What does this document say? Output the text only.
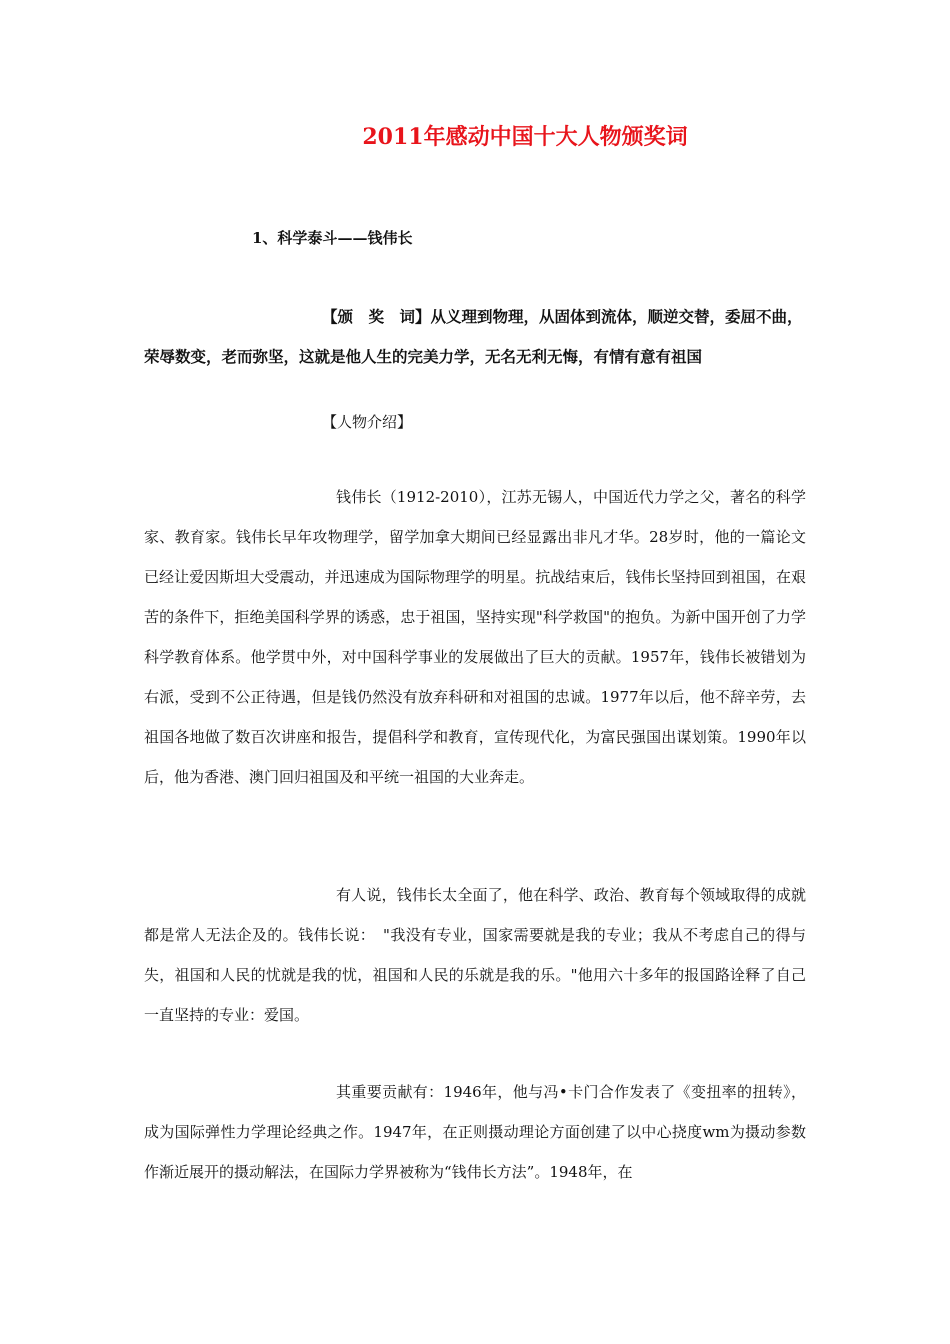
2011年感动中国十大人物颁奖词
1、科学泰斗——钱伟长
【颁　奖　词】从义理到物理，从固体到流体，顺逆交替，委屈不曲，荣辱数变，老而弥坚，这就是他人生的完美力学，无名无利无悔，有情有意有祖国
【人物介绍】
钱伟长（1912-2010），江苏无锡人，中国近代力学之父，著名的科学家、教育家。钱伟长早年攻物理学，留学加拿大期间已经显露出非凡才华。28岁时，他的一篇论文已经让爱因斯坦大受震动，并迅速成为国际物理学的明星。抗战结束后，钱伟长坚持回到祖国，在艰苦的条件下，拒绝美国科学界的诱惑，忠于祖国，坚持实现"科学救国"的抱负。为新中国开创了力学科学教育体系。他学贯中外，对中国科学事业的发展做出了巨大的贡献。1957年，钱伟长被错划为右派，受到不公正待遇，但是钱仍然没有放弃科研和对祖国的忠诚。1977年以后，他不辞辛劳，去祖国各地做了数百次讲座和报告，提倡科学和教育，宣传现代化，为富民强国出谋划策。1990年以后，他为香港、澳门回归祖国及和平统一祖国的大业奔走。
有人说，钱伟长太全面了，他在科学、政治、教育每个领域取得的成就都是常人无法企及的。钱伟长说：　"我没有专业，国家需要就是我的专业；我从不考虑自己的得与失，祖国和人民的忧就是我的忧，祖国和人民的乐就是我的乐。"他用六十多年的报国路诠释了自己一直坚持的专业：爱国。
其重要贡献有：1946年，他与冯•卡门合作发表了《变扭率的扭转》，成为国际弹性力学理论经典之作。1947年，在正则摄动理论方面创建了以中心挠度wm为摄动参数作渐近展开的摄动解法，在国际力学界被称为“钱伟长方法”。1948年，在
